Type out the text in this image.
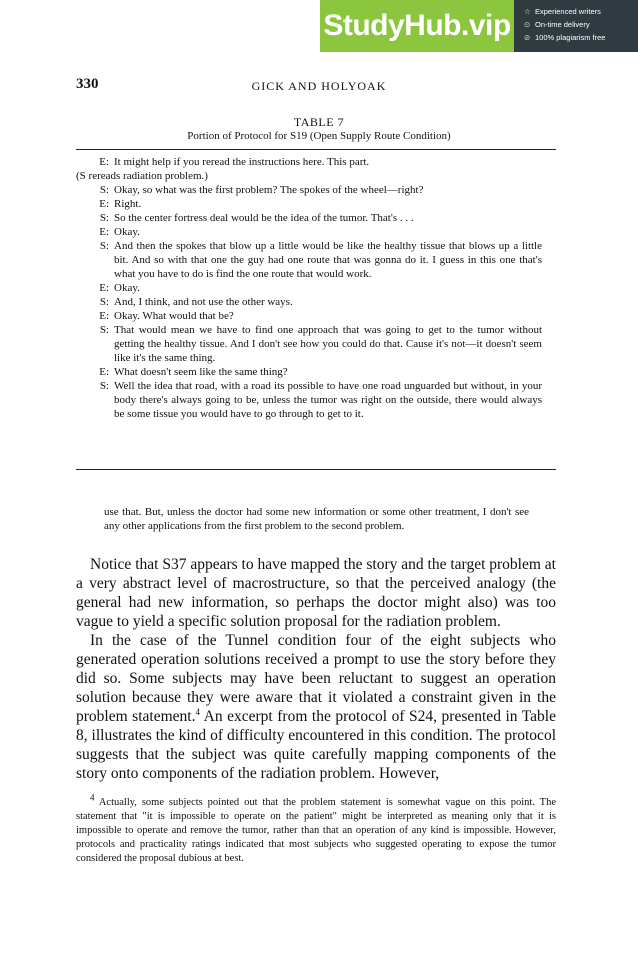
StudyHub.vip ☆ Experienced writers
⊙ On-time delivery
⊘ 100% plagiarism free
330	GICK AND HOLYOAK
TABLE 7
Portion of Protocol for S19 (Open Supply Route Condition)
E: It might help if you reread the instructions here. This part.
(S rereads radiation problem.)
S: Okay, so what was the first problem? The spokes of the wheel—right?
E: Right.
S: So the center fortress deal would be the idea of the tumor. That's . . .
E: Okay.
S: And then the spokes that blow up a little would be like the healthy tissue that blows up a little bit. And so with that one the guy had one route that was gonna do it. I guess in this one that's what you have to do is find the one route that would work.
E: Okay.
S: And, I think, and not use the other ways.
E: Okay. What would that be?
S: That would mean we have to find one approach that was going to get to the tumor without getting the healthy tissue. And I don't see how you could do that. Cause it's not—it doesn't seem like it's the same thing.
E: What doesn't seem like the same thing?
S: Well the idea that road, with a road its possible to have one road unguarded but without, in your body there's always going to be, unless the tumor was right on the outside, there would always be some tissue you would have to go through to get to it.
use that. But, unless the doctor had some new information or some other treatment, I don't see any other applications from the first problem to the second problem.

Notice that S37 appears to have mapped the story and the target problem at a very abstract level of macrostructure, so that the perceived analogy (the general had new information, so perhaps the doctor might also) was too vague to yield a specific solution proposal for the radiation problem.

In the case of the Tunnel condition four of the eight subjects who generated operation solutions received a prompt to use the story before they did so. Some subjects may have been reluctant to suggest an operation solution because they were aware that it violated a constraint given in the problem statement.$^4$ An excerpt from the protocol of S24, presented in Table 8, illustrates the kind of difficulty encountered in this condition. The protocol suggests that the subject was quite carefully mapping components of the story onto components of the radiation problem. However,

$^4$ Actually, some subjects pointed out that the problem statement is somewhat vague on this point. The statement that "it is impossible to operate on the patient" might be interpreted as meaning only that it is impossible to operate and remove the tumor, rather than that an operation of any kind is impossible. However, protocols and practicality ratings indicated that most subjects who suggested operating to expose the tumor considered the proposal dubious at best.
